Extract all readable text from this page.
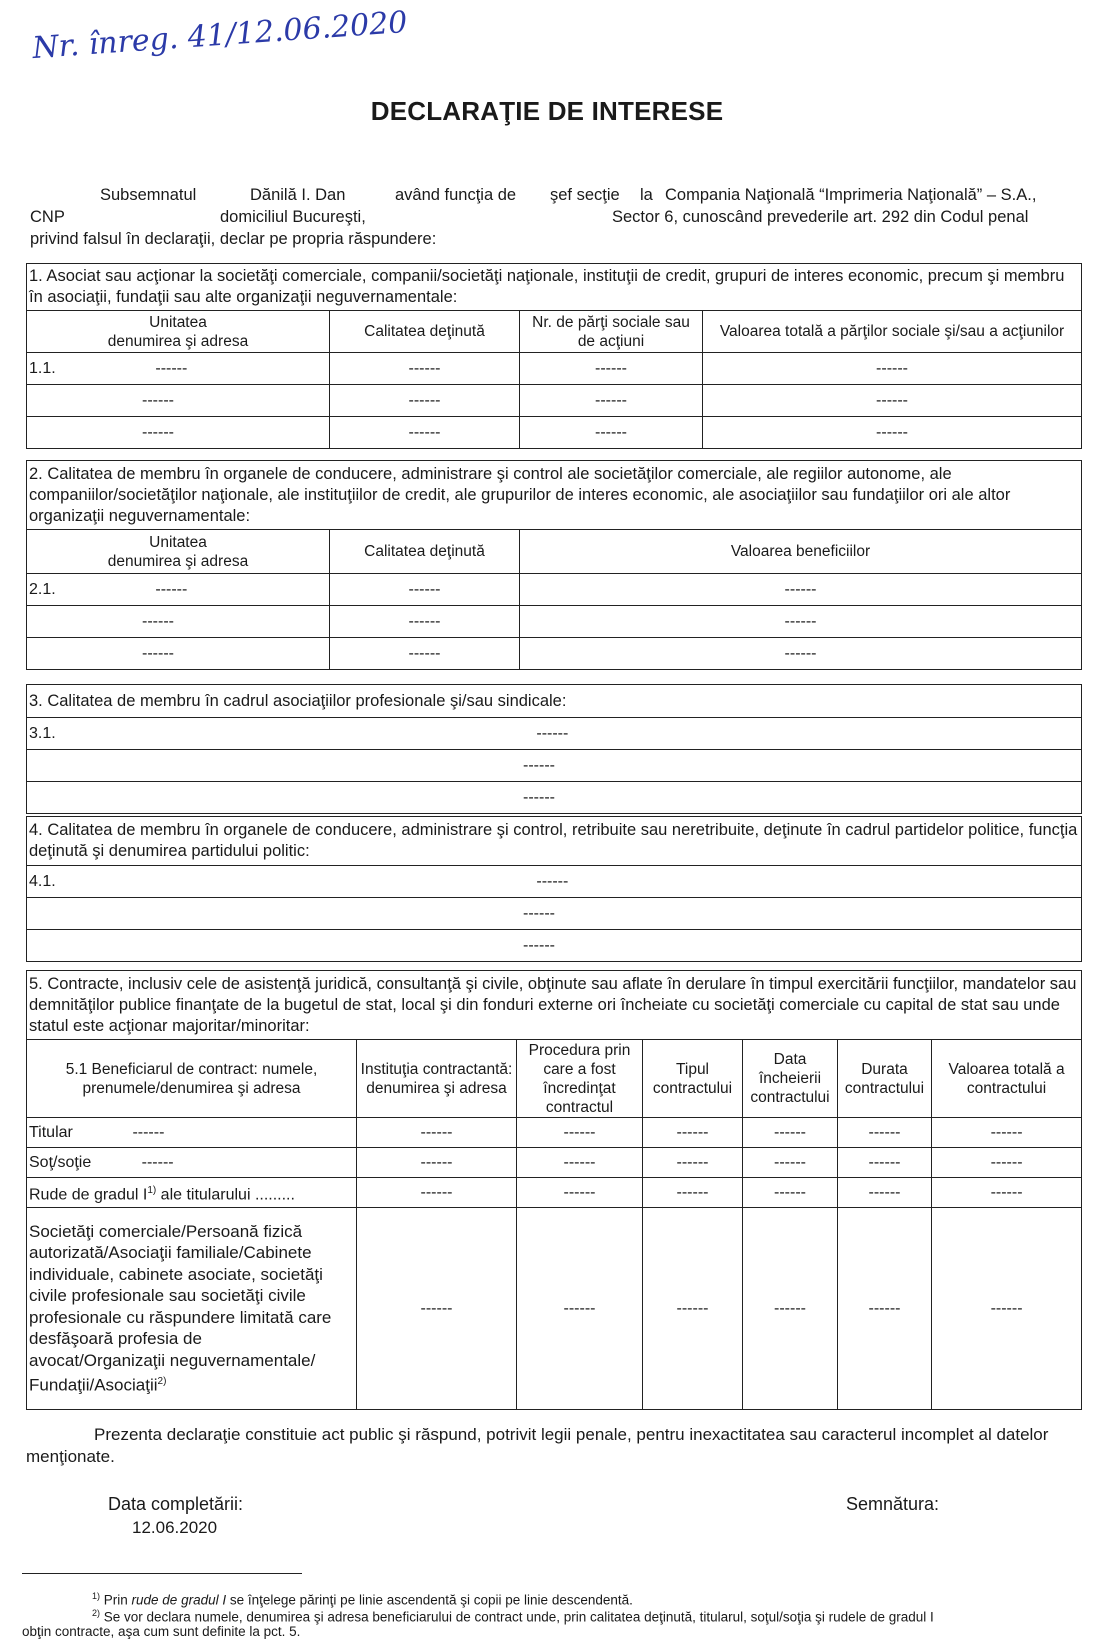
Nr. înreg. 41/12.06.2020
DECLARAŢIE DE INTERESE
Subsemnatul	Dănilă I. Dan	având funcţia de şef secţie la Compania Naţională “Imprimeria Naţională” – S.A.,
CNP	domiciliul Bucureşti,	Sector 6, cunoscând prevederile art. 292 din Codul penal
privind falsul în declaraţii, declar pe propria răspundere:
1. Asociat sau acţionar la societăţi comerciale, companii/societăţi naţionale, instituţii de credit, grupuri de interes economic, precum şi membru în asociaţii, fundaţii sau alte organizaţii neguvernamentale:			
Unitatea
denumirea şi adresa	Calitatea deţinută	Nr. de părţi sociale sau de acţiuni	Valoarea totală a părţilor sociale şi/sau a acţiunilor

1.1. ------	------	------	------
------	------	------	------
------	------	------	------
2. Calitatea de membru în organele de conducere, administrare şi control ale societăţilor comerciale, ale regiilor autonome, ale companiilor/societăţilor naţionale, ale instituţiilor de credit, ale grupurilor de interes economic, ale asociaţiilor sau fundaţiilor ori ale altor organizaţii neguvernamentale:		
Unitatea
denumirea şi adresa	Calitatea deţinută	Valoarea beneficiilor

2.1. ------	------	------
------	------	------
------	------	------
3. Calitatea de membru în cadrul asociaţiilor profesionale şi/sau sindicale:

3.1.	------

------
------
4. Calitatea de membru în organele de conducere, administrare şi control, retribuite sau neretribuite, deţinute în cadrul partidelor politice, funcţia deţinută şi denumirea partidului politic:

4.1.	------

------
------
5. Contracte, inclusiv cele de asistenţă juridică, consultanţă şi civile, obţinute sau aflate în derulare în timpul exercitării funcţiilor, mandatelor sau demnităţilor publice finanţate de la bugetul de stat, local şi din fonduri externe ori încheiate cu societăţi comerciale cu capital de stat sau unde statul este acţionar majoritar/minoritar:						
5.1 Beneficiarul de contract: numele, prenumele/denumirea şi adresa	Instituţia contractantă: denumirea şi adresa	Procedura prin care a fost încredinţat contractul	Tipul contractului	Data încheierii contractului	Durata contractului	Valoarea totală a contractului

Titular ------	------	------	------	------	------	------

Soţ/soţie ------	------	------	------	------	------	------
Rude de gradul $I^{1)}$ ale titularului .........	------	------	------	------	------	------
Societăţi comerciale/Persoană fizică autorizată/Asociaţii familiale/Cabinete individuale, cabinete asociate, societăţi civile profesionale sau societăţi civile profesionale cu răspundere limitată care desfăşoară profesia de avocat/Organizaţii neguvernamentale/ Fundaţii/Asociaţii$^{2)}$	------	------	------	------	------	------
Prezenta declaraţie constituie act public şi răspund, potrivit legii penale, pentru inexactitatea sau caracterul incomplet al datelor menţionate.
Data completării:
12.06.2020
Semnătura:
$^{1)}$ Prin rude de gradul I se înţelege părinţi pe linie ascendentă şi copii pe linie descendentă.
$^{2)}$ Se vor declara numele, denumirea şi adresa beneficiarului de contract unde, prin calitatea deţinută, titularul, soţul/soţia şi rudele de gradul I
obţin contracte, aşa cum sunt definite la pct. 5.
